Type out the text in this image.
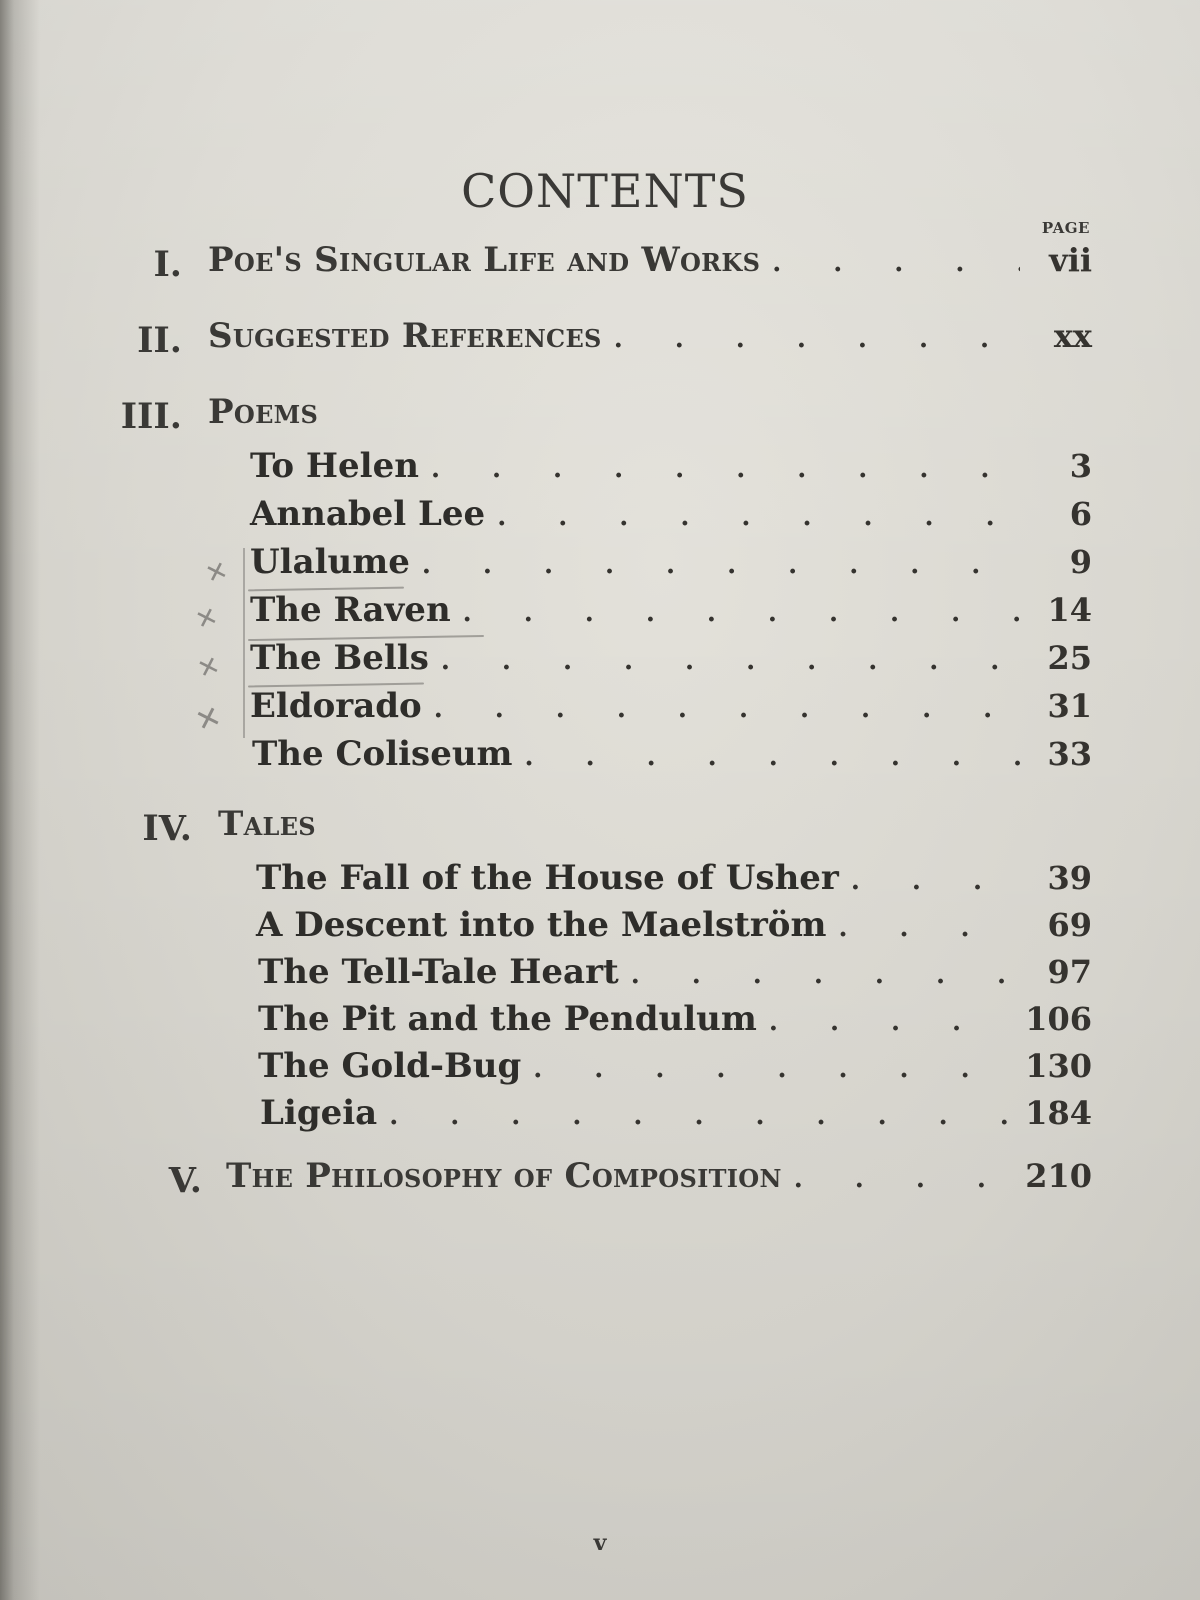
CONTENTS
PAGE
I. Poe's Singular Life and Works .  . 	vii
II. Suggested References .  . 	xx
III. Poems
To Helen .  . 	3
Annabel Lee .  . 	6
Ulalume .  . 	9
The Raven .  . 	14
The Bells .  . 	25
Eldorado .  . 	31
The Coliseum .  . 	33
✕
✕
✕
✕
IV. Tales
The Fall of the House of Usher .  . 	39
A Descent into the Maelström .  . 	69
The Tell-Tale Heart .  . 	97
The Pit and the Pendulum .  . 	106
The Gold-Bug .  . 	130
Ligeia .  . 	184
V. The Philosophy of Composition .  . 	210
v
